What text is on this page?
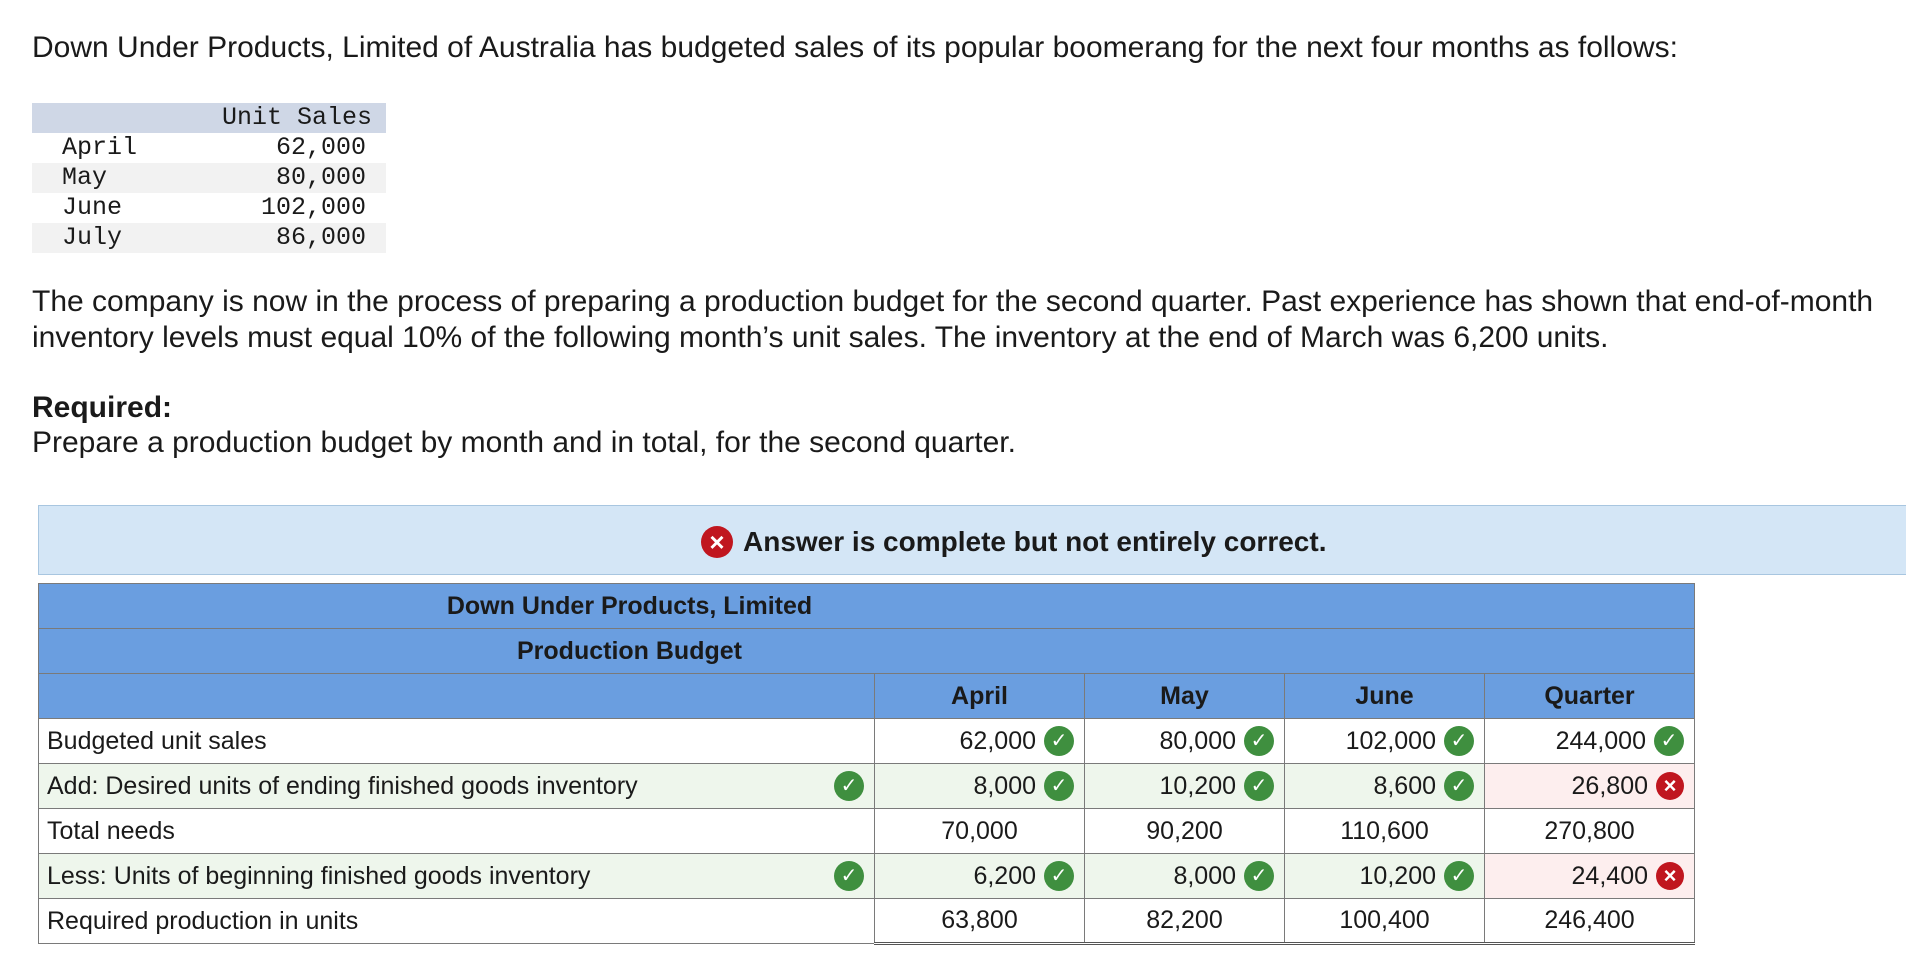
Down Under Products, Limited of Australia has budgeted sales of its popular boomerang for the next four months as follows:

	Unit Sales
April	62,000
May	80,000
June	102,000
July	86,000

The company is now in the process of preparing a production budget for the second quarter. Past experience has shown that end-of-month inventory levels must equal 10% of the following month’s unit sales. The inventory at the end of March was 6,200 units.

Required:

Prepare a production budget by month and in total, for the second quarter.

× Answer is complete but not entirely correct.
Down Under Products, Limited				
Production Budget				
	April	May	June	Quarter
Budgeted unit sales	62,000 ✓	80,000 ✓	102,000 ✓	244,000 ✓

Add: Desired units of ending finished goods inventory ✓	8,000 ✓	10,200 ✓	8,600 ✓	26,800 ×

Total needs	70,000	90,200	110,600	270,800

Less: Units of beginning finished goods inventory ✓	6,200 ✓	8,000 ✓	10,200 ✓	24,400 ×

Required production in units	63,800	82,200	100,400	246,400
